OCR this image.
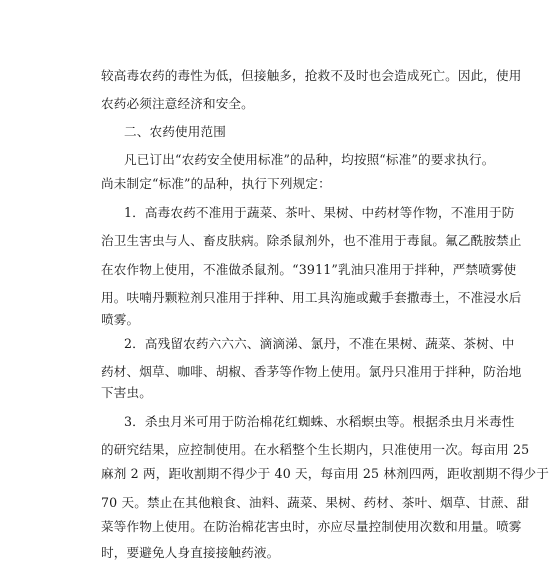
较高毒农药的毒性为低，但接触多，抢救不及时也会造成死亡。因此，使用
农药必须注意经济和安全。
二、农药使用范围
凡已订出“农药安全使用标准”的品种，均按照“标准”的要求执行。
尚未制定“标准”的品种，执行下列规定：
1．高毒农药不准用于蔬菜、茶叶、果树、中药材等作物，不准用于防
治卫生害虫与人、畜皮肤病。除杀鼠剂外，也不准用于毒鼠。氟乙酰胺禁止
在农作物上使用，不准做杀鼠剂。“3911”乳油只准用于拌种，严禁喷雾使
用。呋喃丹颗粒剂只准用于拌种、用工具沟施或戴手套撒毒土，不准浸水后
喷雾。
2．高残留农药六六六、滴滴涕、氯丹，不准在果树、蔬菜、茶树、中
药材、烟草、咖啡、胡椒、香茅等作物上使用。氯丹只准用于拌种，防治地
下害虫。
3．杀虫月米可用于防治棉花红蜘蛛、水稻螟虫等。根据杀虫月米毒性
的研究结果，应控制使用。在水稻整个生长期内，只准使用一次。每亩用 25
麻剂 2 两，距收割期不得少于 40 天，每亩用 25 林剂四两，距收割期不得少于
70 天。禁止在其他粮食、油料、蔬菜、果树、药材、茶叶、烟草、甘蔗、甜
菜等作物上使用。在防治棉花害虫时，亦应尽量控制使用次数和用量。喷雾
时，要避免人身直接接触药液。
